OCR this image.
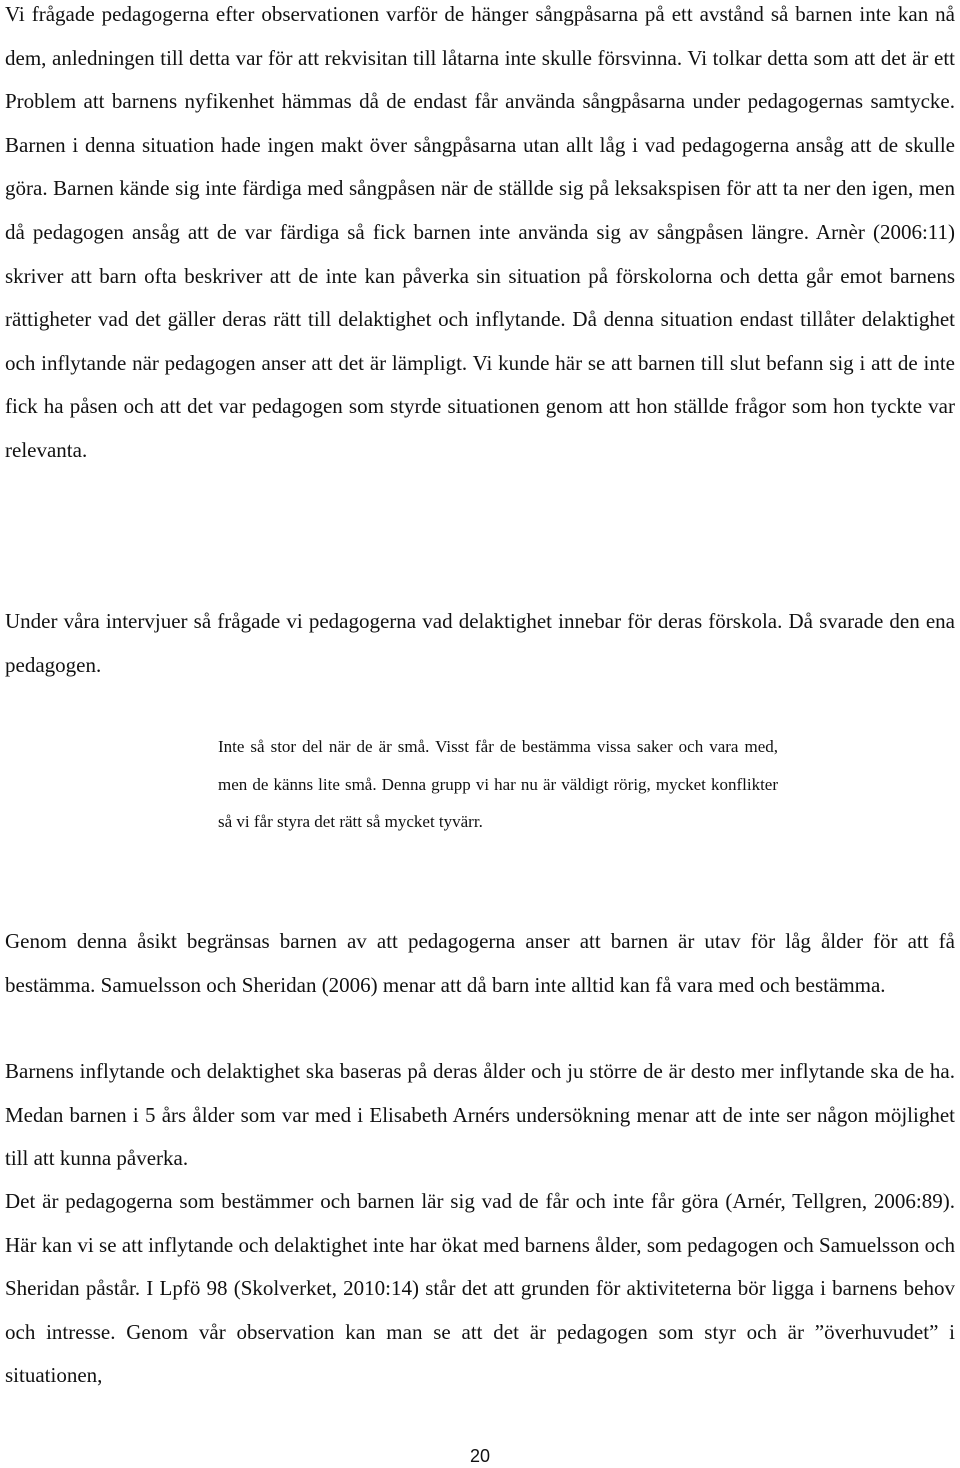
Vi frågade pedagogerna efter observationen varför de hänger sångpåsarna på ett avstånd så barnen inte kan nå dem, anledningen till detta var för att rekvisitan till låtarna inte skulle försvinna. Vi tolkar detta som att det är ett Problem att barnens nyfikenhet hämmas då de endast får använda sångpåsarna under pedagogernas samtycke. Barnen i denna situation hade ingen makt över sångpåsarna utan allt låg i vad pedagogerna ansåg att de skulle göra. Barnen kände sig inte färdiga med sångpåsen när de ställde sig på leksakspisen för att ta ner den igen, men då pedagogen ansåg att de var färdiga så fick barnen inte använda sig av sångpåsen längre. Arnèr (2006:11) skriver att barn ofta beskriver att de inte kan påverka sin situation på förskolorna och detta går emot barnens rättigheter vad det gäller deras rätt till delaktighet och inflytande. Då denna situation endast tillåter delaktighet och inflytande när pedagogen anser att det är lämpligt. Vi kunde här se att barnen till slut befann sig i att de inte fick ha påsen och att det var pedagogen som styrde situationen genom att hon ställde frågor som hon tyckte var relevanta.

Under våra intervjuer så frågade vi pedagogerna vad delaktighet innebar för deras förskola. Då svarade den ena pedagogen.

Inte så stor del när de är små. Visst får de bestämma vissa saker och vara med, men de känns lite små. Denna grupp vi har nu är väldigt rörig, mycket konflikter så vi får styra det rätt så mycket tyvärr.

Genom denna åsikt begränsas barnen av att pedagogerna anser att barnen är utav för låg ålder för att få bestämma. Samuelsson och Sheridan (2006) menar att då barn inte alltid kan få vara med och bestämma.

Barnens inflytande och delaktighet ska baseras på deras ålder och ju större de är desto mer inflytande ska de ha. Medan barnen i 5 års ålder som var med i Elisabeth Arnérs undersökning menar att de inte ser någon möjlighet till att kunna påverka.

Det är pedagogerna som bestämmer och barnen lär sig vad de får och inte får göra (Arnér, Tellgren, 2006:89). Här kan vi se att inflytande och delaktighet inte har ökat med barnens ålder, som pedagogen och Samuelsson och Sheridan påstår. I Lpfö 98 (Skolverket, 2010:14) står det att grunden för aktiviteterna bör ligga i barnens behov och intresse. Genom vår observation kan man se att det är pedagogen som styr och är ”överhuvudet” i situationen,

20
